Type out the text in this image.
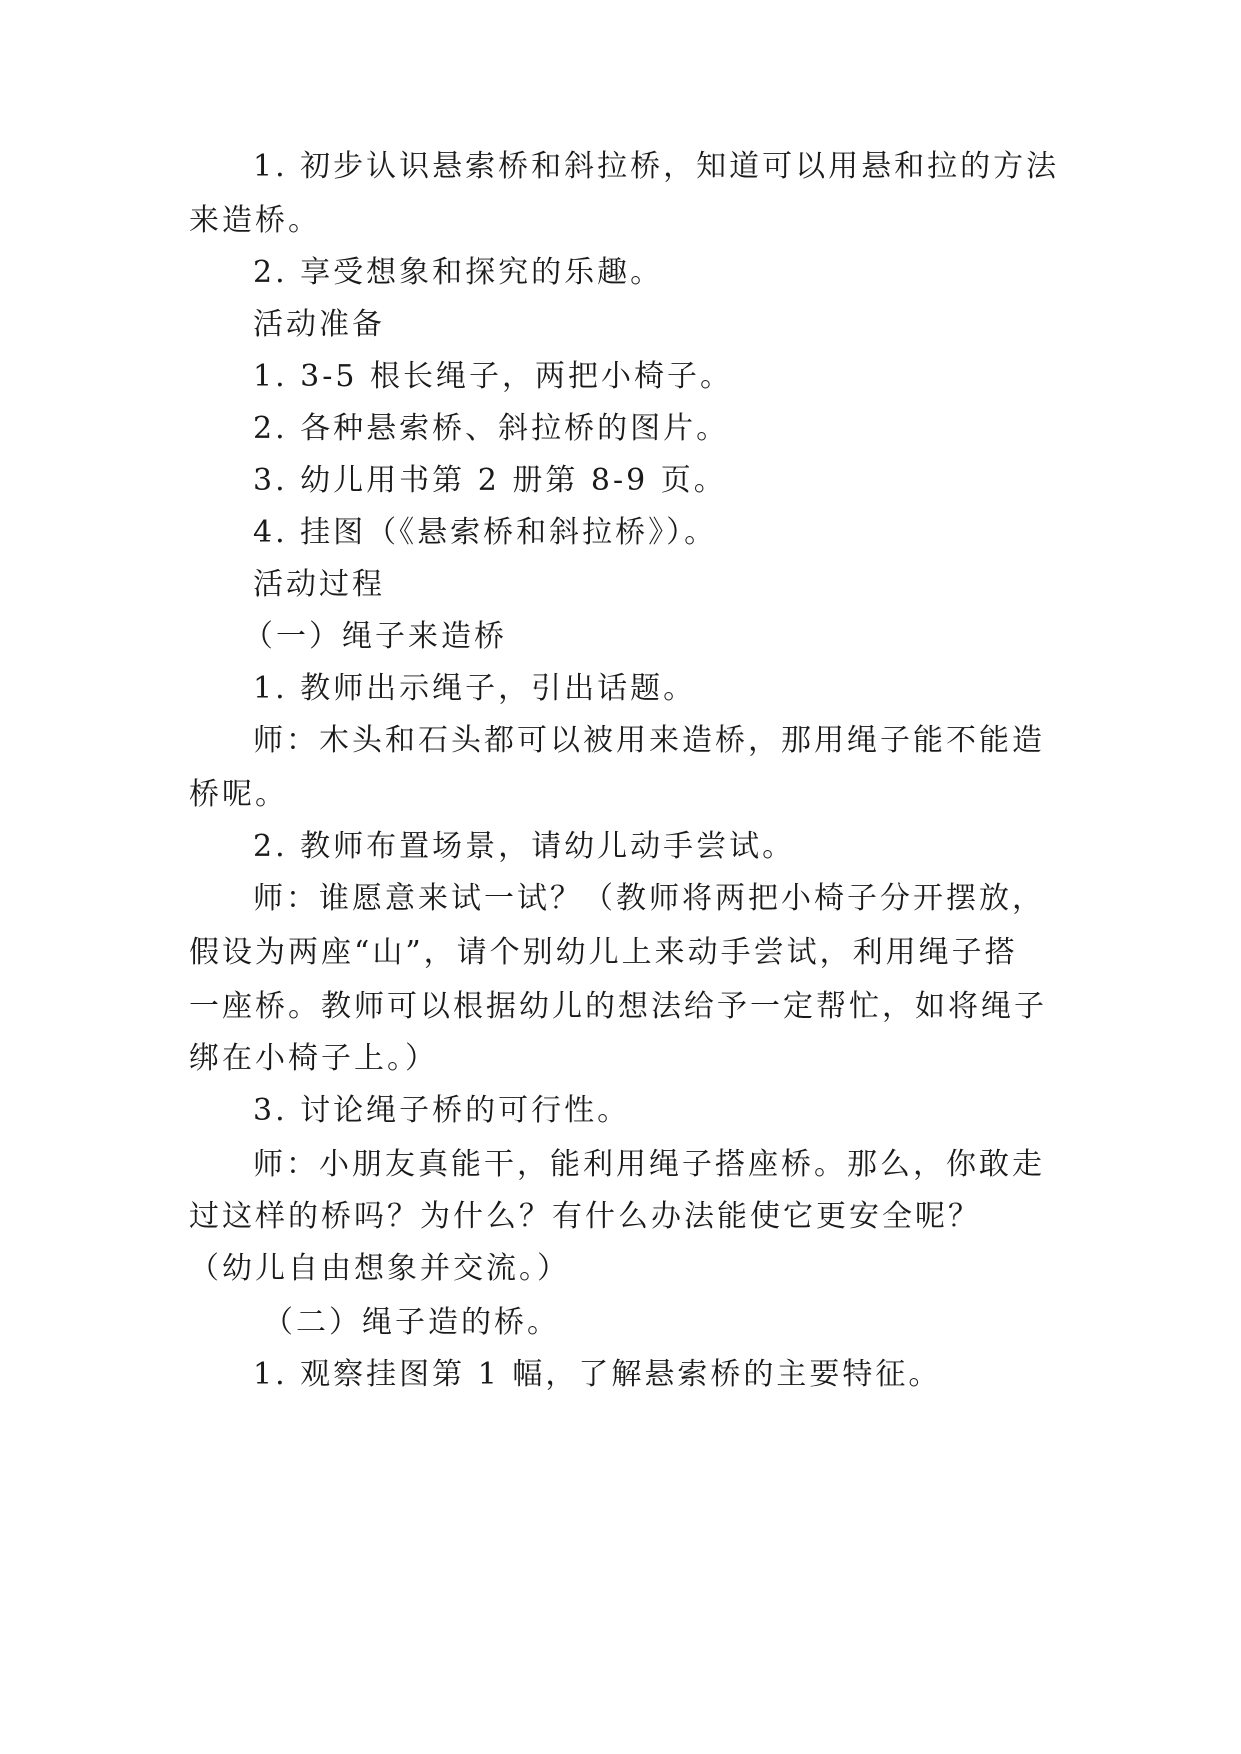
1. 初步认识悬索桥和斜拉桥，知道可以用悬和拉的方法
来造桥。
2. 享受想象和探究的乐趣。
活动准备
1. 3-5 根长绳子，两把小椅子。
2. 各种悬索桥、斜拉桥的图片。
3. 幼儿用书第 2 册第 8-9 页。
4. 挂图（《悬索桥和斜拉桥》）。
活动过程
（一）绳子来造桥
1. 教师出示绳子，引出话题。
师：木头和石头都可以被用来造桥，那用绳子能不能造
桥呢。
2. 教师布置场景，请幼儿动手尝试。
师：谁愿意来试一试？（教师将两把小椅子分开摆放，
假设为两座“山”，请个别幼儿上来动手尝试，利用绳子搭
一座桥。教师可以根据幼儿的想法给予一定帮忙，如将绳子
绑在小椅子上。）
3. 讨论绳子桥的可行性。
师：小朋友真能干，能利用绳子搭座桥。那么，你敢走
过这样的桥吗？为什么？有什么办法能使它更安全呢？
（幼儿自由想象并交流。）
（二）绳子造的桥。
1. 观察挂图第 1 幅，了解悬索桥的主要特征。
